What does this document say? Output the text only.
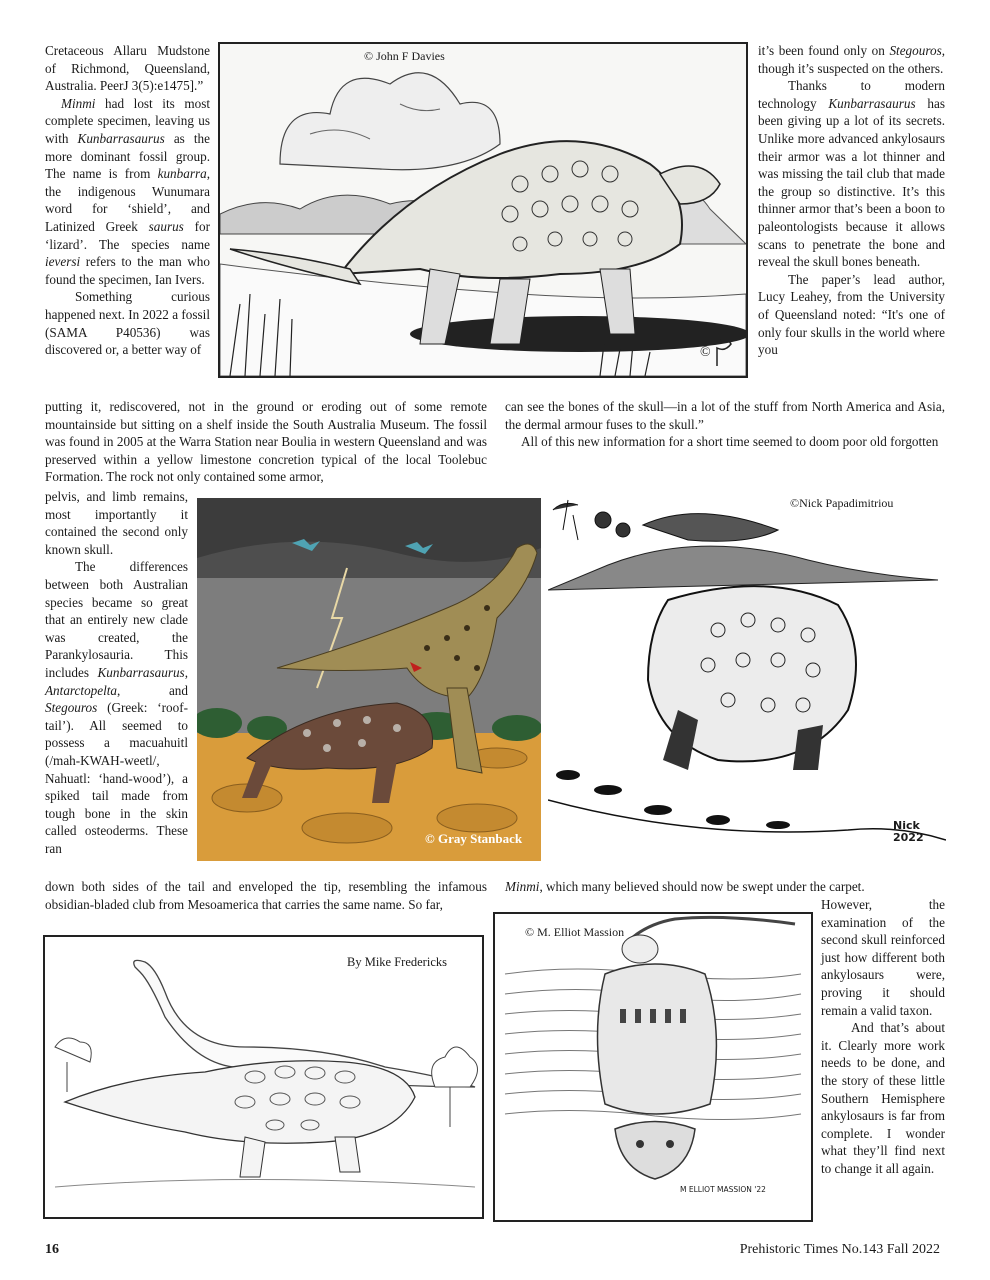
Cretaceous Allaru Mudstone of Richmond, Queensland, Australia. PeerJ 3(5):e1475].”

Minmi had lost its most complete specimen, leaving us with Kunbarrasaurus as the more dominant fossil group. The name is from kunbarra, the indigenous Wunumara word for ‘shield’, and Latinized Greek saurus for ‘lizard’. The species name ieversi refers to the man who found the specimen, Ian Ivers.

Something curious happened next. In 2022 a fossil (SAMA P40536) was discovered or, a better way of	©
© John F Davies	it’s been found only on Stegouros, though it’s suspected on the others.

Thanks to modern technology Kunbarrasaurus has been giving up a lot of its secrets. Unlike more advanced ankylosaurs their armor was a lot thinner and was missing the tail club that made the group so distinctive. It’s this thinner armor that’s been a boon to paleontologists because it allows scans to penetrate the bone and reveal the skull bones beneath.

The paper’s lead author, Lucy Leahey, from the University of Queensland noted: “It's one of only four skulls in the world where you

putting it, rediscovered, not in the ground or eroding out of some remote mountainside but sitting on a shelf inside the South Australia Museum. The fossil was found in 2005 at the Warra Station near Boulia in western Queensland and was preserved within a yellow limestone concretion typical of the local Toolebuc Formation. The rock not only contained some armor,

can see the bones of the skull—in a lot of the stuff from North America and Asia, the dermal armour fuses to the skull.”

All of this new information for a short time seemed to doom poor old forgotten

pelvis, and limb remains, most importantly it contained the second only known skull.

The differences between both Australian species became so great that an entirely new clade was created, the Parankylosauria. This includes Kunbarrasaurus, Antarctopelta, and Stegouros (Greek: ‘roof-tail’). All seemed to possess a macuahuitl (/mah-KWAH-weetl/, Nahuatl: ‘hand-wood’), a spiked tail made from tough bone in the skin called osteoderms. These ran

© Gray Stanback
©Nick Papadimitriou
Nick 2022

down both sides of the tail and enveloped the tip, resembling the infamous obsidian-bladed club from Mesoamerica that carries the same name. So far,

Minmi, which many believed should now be swept under the carpet.

By Mike Fredericks
© M. Elliot Massion
M ELLIOT MASSION '22

However, the examination of the second skull reinforced just how different both ankylosaurs were, proving it should remain a valid taxon.

And that’s about it. Clearly more work needs to be done, and the story of these little Southern Hemisphere ankylosaurs is far from complete. I wonder what they’ll find next to change it all again.

16	Prehistoric Times No.143 Fall 2022
